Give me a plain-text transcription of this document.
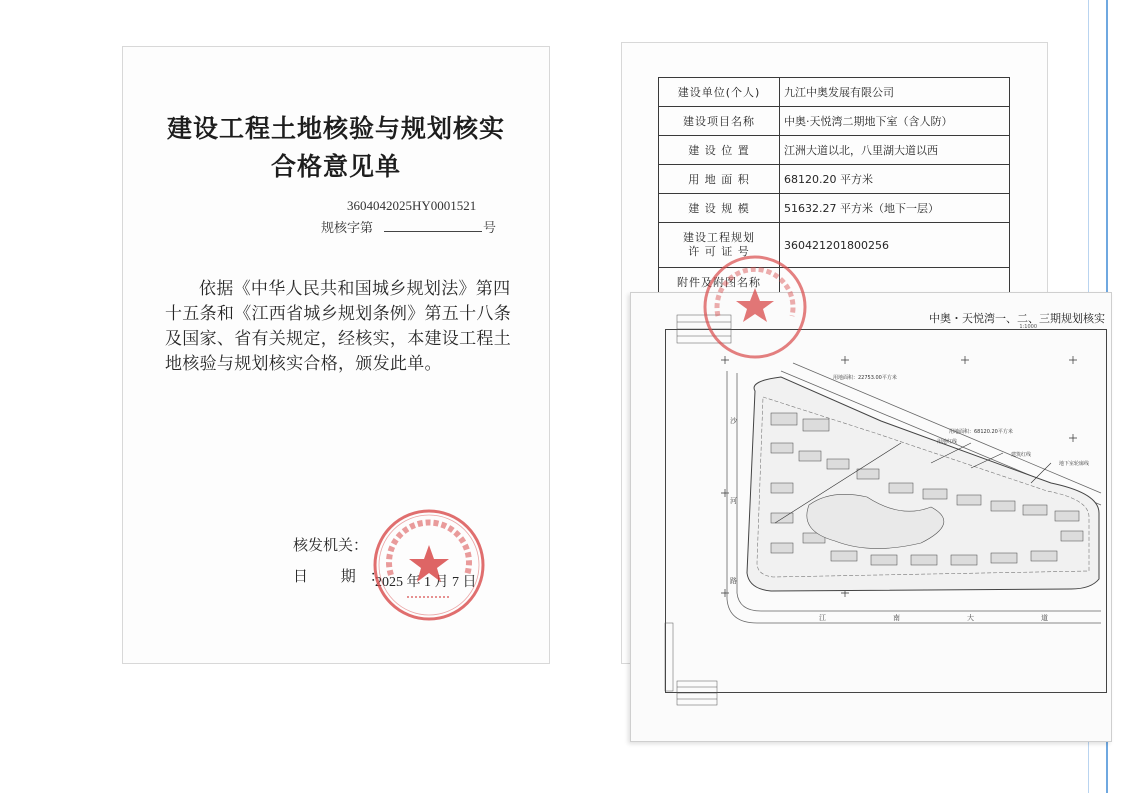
建设工程土地核验与规划核实
合格意见单
3604042025HY0001521
规核字第	号
依据《中华人民共和国城乡规划法》第四十五条和《江西省城乡规划条例》第五十八条及国家、省有关规定，经核实，本建设工程土地核验与规划核实合格，颁发此单。
核发机关：
日 期：
2025 年 1 月 7 日
建设单位(个人)	九江中奥发展有限公司
建设项目名称	中奥·天悦湾二期地下室（含人防）
建 设 位 置	江洲大道以北，八里湖大道以西
用 地 面 积	68120.20 平方米
建 设 规 模	51632.27 平方米（地下一层）
建设工程规划
许 可 证 号	360421201800256
附件及附图名称	
中奥・天悦湾一、二、三期规划核实
1:1000
用地面积：22753.00平方米
用地面积：68120.20平方米
用地红线
建筑红线
地下室轮廓线
江	南	大	道
沙
河
路
